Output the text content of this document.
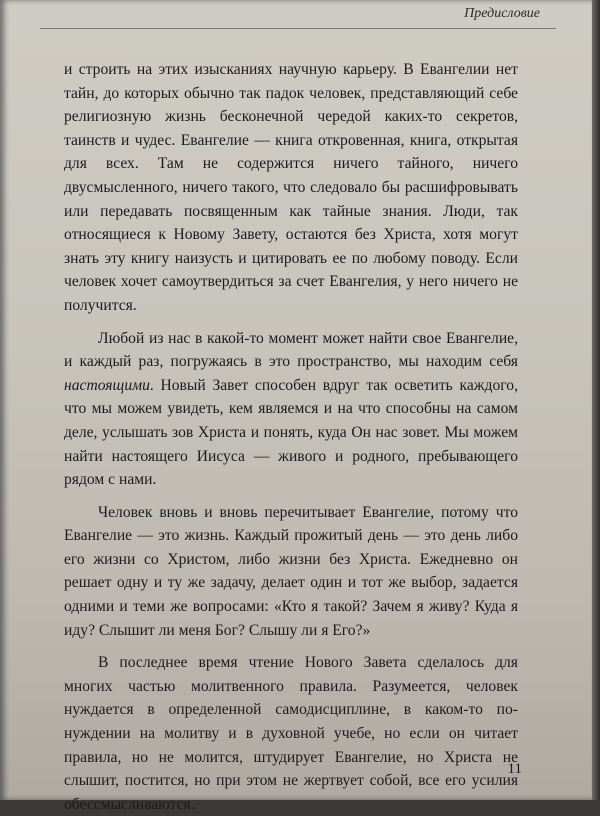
Предисловие

и строить на этих изысканиях научную карьеру. В Евангелии нет тайн, до которых обычно так падок человек, представляющий себе религиозную жизнь бесконечной чередой каких-то секретов, таинств и чудес. Евангелие — книга откровенная, книга, открытая для всех. Там не содержится ничего тайного, ничего двусмысленного, ничего такого, что следовало бы расшифровывать или передавать посвященным как тайные знания. Люди, так относящиеся к Новому Завету, остаются без Христа, хотя могут знать эту книгу наизусть и цитировать ее по любому поводу. Если человек хочет самоутвердиться за счет Евангелия, у него ничего не получится.

Любой из нас в какой-то момент может найти свое Евангелие, и каждый раз, погружаясь в это пространство, мы находим себя настоящими. Новый Завет способен вдруг так осветить каждого, что мы можем увидеть, кем являемся и на что способны на самом деле, услышать зов Христа и понять, куда Он нас зовет. Мы можем найти настоящего Иисуса — живого и родного, пребывающего рядом с нами.

Человек вновь и вновь перечитывает Евангелие, потому что Евангелие — это жизнь. Каждый прожитый день — это день либо его жизни со Христом, либо жизни без Христа. Ежедневно он решает одну и ту же задачу, делает один и тот же выбор, задается одними и теми же вопросами: «Кто я такой? Зачем я живу? Куда я иду? Слышит ли меня Бог? Слышу ли я Его?»

В последнее время чтение Нового Завета сделалось для многих частью молитвенного правила. Разумеется, человек нуждается в определенной самодисциплине, в каком-то понуждении на молитву и в духовной учебе, но если он читает правила, но не молится, штудирует Евангелие, но Христа не слышит, постится, но при этом не жертвует собой, все его усилия обессмысливаются.

11
